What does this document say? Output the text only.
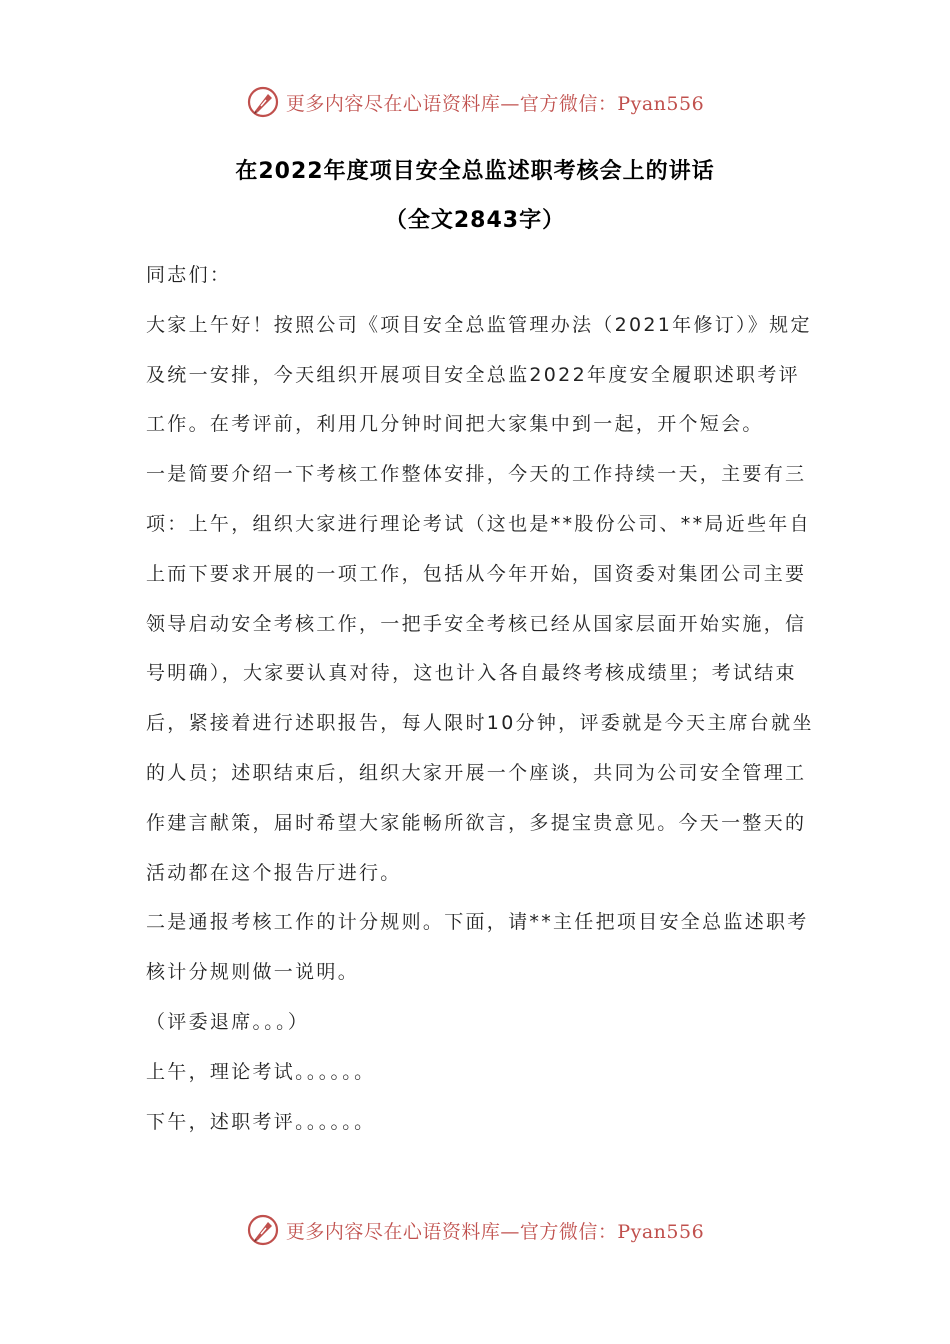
更多内容尽在心语资料库—官方微信：Pyan556
在2022年度项目安全总监述职考核会上的讲话
（全文2843字）

同志们：

大家上午好！按照公司《项目安全总监管理办法（2021年修订）》规定及统一安排，今天组织开展项目安全总监2022年度安全履职述职考评工作。在考评前，利用几分钟时间把大家集中到一起，开个短会。

一是简要介绍一下考核工作整体安排，今天的工作持续一天，主要有三项：上午，组织大家进行理论考试（这也是**股份公司、**局近些年自上而下要求开展的一项工作，包括从今年开始，国资委对集团公司主要领导启动安全考核工作，一把手安全考核已经从国家层面开始实施，信号明确），大家要认真对待，这也计入各自最终考核成绩里；考试结束后，紧接着进行述职报告，每人限时10分钟，评委就是今天主席台就坐的人员；述职结束后，组织大家开展一个座谈，共同为公司安全管理工作建言献策，届时希望大家能畅所欲言，多提宝贵意见。今天一整天的活动都在这个报告厅进行。

二是通报考核工作的计分规则。下面，请**主任把项目安全总监述职考核计分规则做一说明。

（评委退席。。。）

上午，理论考试。。。。。。

下午，述职考评。。。。。。

更多内容尽在心语资料库—官方微信：Pyan556
